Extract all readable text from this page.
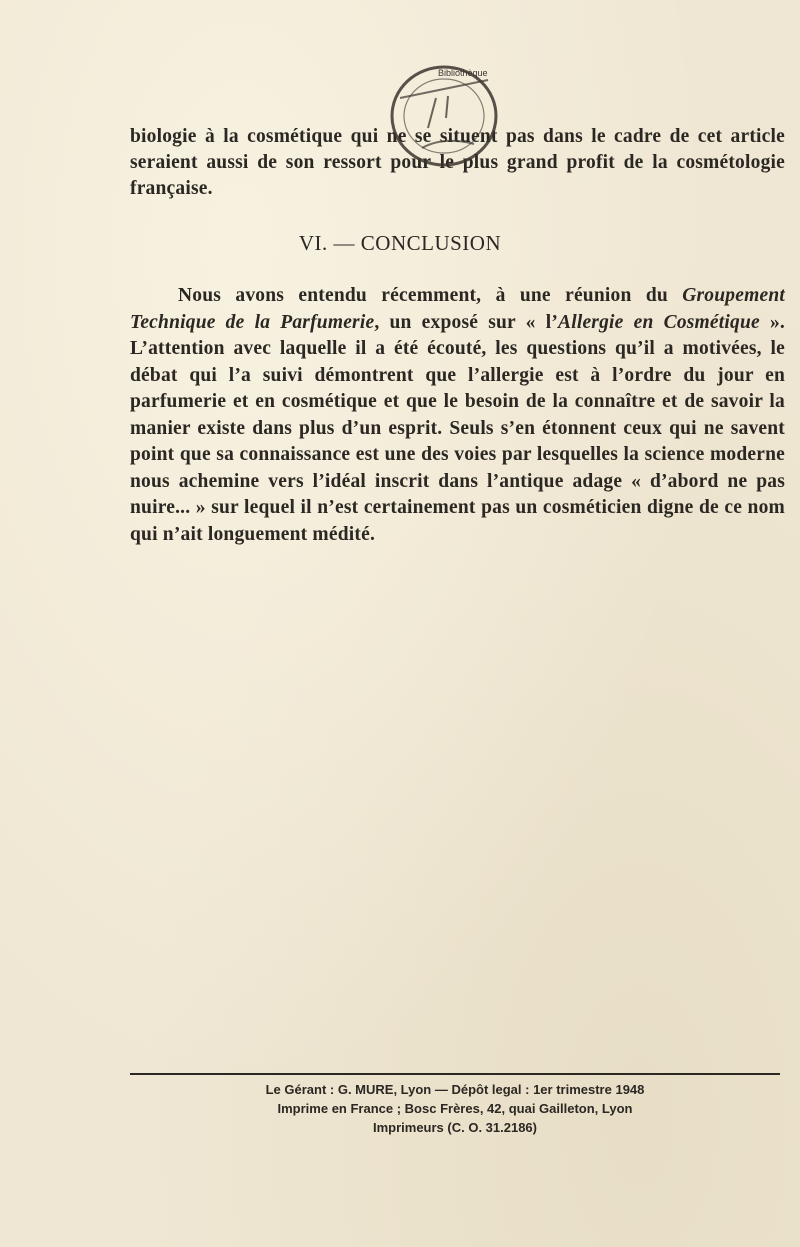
biologie à la cosmétique qui ne se situent pas dans le cadre de cet article seraient aussi de son ressort pour le plus grand profit de la cosmétologie française.

Bibliothèque
VI. — CONCLUSION

Nous avons entendu récemment, à une réunion du Groupement Technique de la Parfumerie, un exposé sur « l’Allergie en Cosmétique ». L’attention avec laquelle il a été écouté, les questions qu’il a motivées, le débat qui l’a suivi démontrent que l’allergie est à l’ordre du jour en parfumerie et en cosmétique et que le besoin de la connaître et de savoir la manier existe dans plus d’un esprit. Seuls s’en étonnent ceux qui ne savent point que sa connaissance est une des voies par lesquelles la science moderne nous achemine vers l’idéal inscrit dans l’antique adage « d’abord ne pas nuire... » sur lequel il n’est certainement pas un cosméticien digne de ce nom qui n’ait longuement médité.

Le Gérant : G. MURE, Lyon — Dépôt legal : 1er trimestre 1948
Imprime en France ; Bosc Frères, 42, quai Gailleton, Lyon
Imprimeurs (C. O. 31.2186)
